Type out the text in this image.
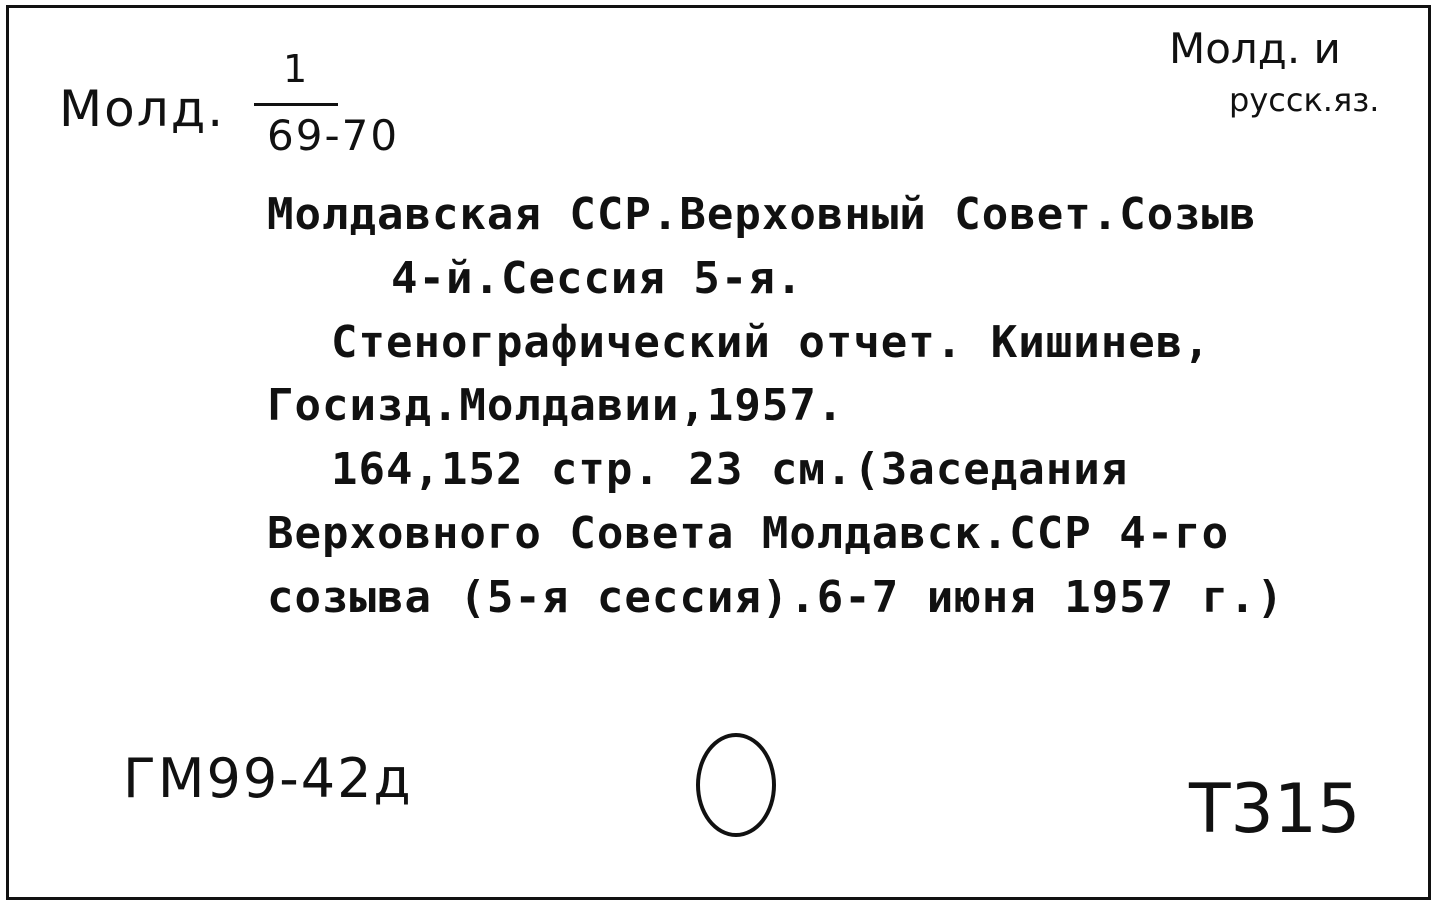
Молд.
1
69-70
Молд. и
русск.яз.
Молдавская ССР.Верховный Совет.Созыв
4-й.Сессия 5-я.
Стенографический отчет. Кишинев,
Госизд.Молдавии,1957.
164,152 стр. 23 см.(Заседания
Верховного Совета Молдавск.ССР 4-го
созыва (5-я сессия).6-7 июня 1957 г.)
ГМ99-42д	Т315
